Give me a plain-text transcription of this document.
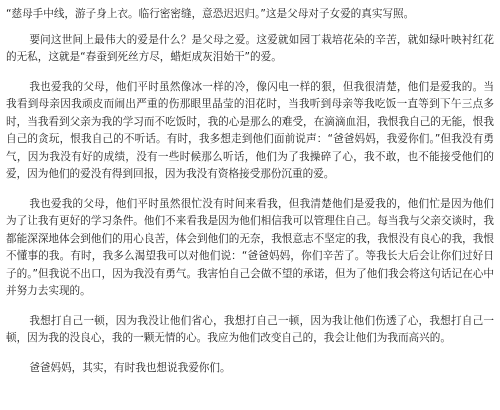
“慈母手中线，游子身上衣。临行密密缝，意恐迟迟归。”这是父母对子女爱的真实写照。

要问这世间上最伟大的爱是什么？是父母之爱。这爱就如园丁栽培花朵的辛苦，就如绿叶映衬红花的无私，这就是“春蚕到死丝方尽，蜡炬成灰泪始干”的爱。

我也爱我的父母，他们平时虽然像冰一样的冷，像闪电一样的狠，但我很清楚，他们是爱我的。当我看到母亲因我顽皮而闹出严重的伤那眼里晶莹的泪花时，当我听到母亲等我吃饭一直等到下午三点多时，当我看到父亲为我的学习而不吃饭时，我的心是那么的难受，在滴滴血泪，我恨我自己的无能，恨我自己的贪玩，恨我自己的不听话。有时，我多想走到他们面前说声：“爸爸妈妈，我爱你们。”但我没有勇气，因为我没有好的成绩，没有一些时候那么听话，他们为了我操碎了心，我不敢，也不能接受他们的爱，因为他们的爱没有得到回报，因为我没有资格接受那份沉重的爱。

我也爱我的父母，他们平时虽然很忙没有时间来看我，但我清楚他们是爱我的，他们忙是因为他们为了让我有更好的学习条件。他们不来看我是因为他们相信我可以管理住自己。每当我与父亲交谈时，我都能深深地体会到他们的用心良苦，体会到他们的无奈，我恨意志不坚定的我，我恨没有良心的我，我恨不懂事的我。有时，我多么渴望我可以对他们说：“爸爸妈妈，你们辛苦了。等我长大后会让你们过好日子的。”但我说不出口，因为我没有勇气。我害怕自己会做不望的承诺，但为了他们我会将这句话记在心中并努力去实现的。

我想打自己一顿，因为我没让他们省心，我想打自己一顿，因为我让他们伤透了心，我想打自己一顿，因为我的没良心，我的一颗无情的心。我应为他们改变自己的，我会让他们为我而高兴的。

爸爸妈妈，其实，有时我也想说我爱你们。
